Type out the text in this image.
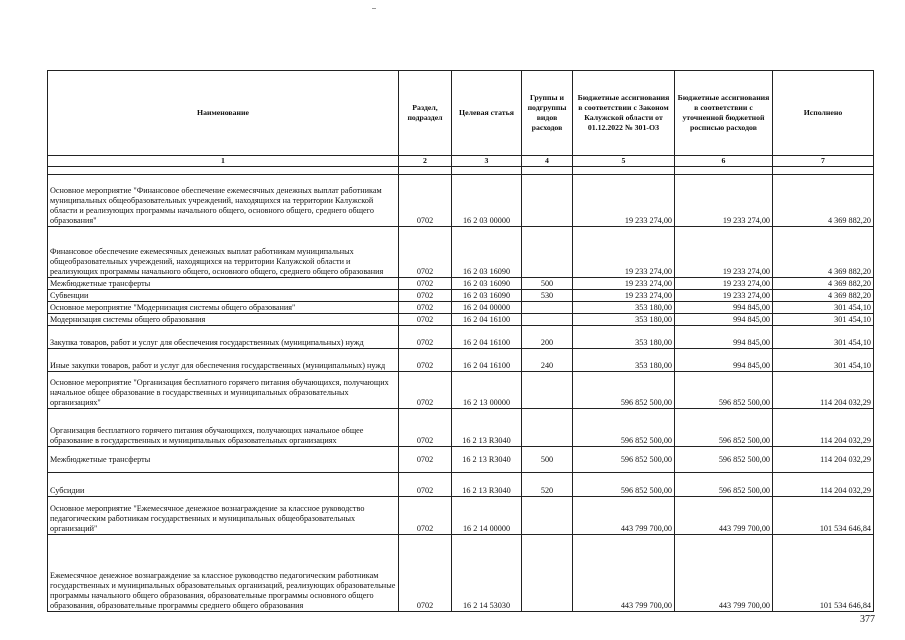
Наименование	Раздел, подраздел	Целевая статья	Группы и подгруппы видов расходов	Бюджетные ассигнования в соответствии с Законом Калужской области от 01.12.2022 № 301-ОЗ	Бюджетные ассигнования в соответствии с уточненной бюджетной росписью расходов	Исполнено
1	2	3	4	5	6	7

Основное мероприятие "Финансовое обеспечение ежемесячных денежных выплат работникам муниципальных общеобразовательных учреждений, находящихся на территории Калужской области и реализующих программы начального общего, основного общего, среднего общего образования"	0702	16 2 03 00000		19 233 274,00	19 233 274,00	4 369 882,20
Финансовое обеспечение ежемесячных денежных выплат работникам муниципальных общеобразовательных учреждений, находящихся на территории Калужской области и реализующих программы начального общего, основного общего, среднего общего образования	0702	16 2 03 16090		19 233 274,00	19 233 274,00	4 369 882,20
Межбюджетные трансферты	0702	16 2 03 16090	500	19 233 274,00	19 233 274,00	4 369 882,20
Субвенции	0702	16 2 03 16090	530	19 233 274,00	19 233 274,00	4 369 882,20
Основное мероприятие "Модернизация системы общего образования"	0702	16 2 04 00000		353 180,00	994 845,00	301 454,10
Модернизация системы общего образования	0702	16 2 04 16100		353 180,00	994 845,00	301 454,10
Закупка товаров, работ и услуг для обеспечения государственных (муниципальных) нужд	0702	16 2 04 16100	200	353 180,00	994 845,00	301 454,10
Иные закупки товаров, работ и услуг для обеспечения государственных (муниципальных) нужд	0702	16 2 04 16100	240	353 180,00	994 845,00	301 454,10
Основное мероприятие "Организация бесплатного горячего питания обучающихся, получающих начальное общее образование в государственных и муниципальных образовательных организациях"	0702	16 2 13 00000		596 852 500,00	596 852 500,00	114 204 032,29
Организация бесплатного горячего питания обучающихся, получающих начальное общее образование в государственных и муниципальных образовательных организациях	0702	16 2 13 R3040		596 852 500,00	596 852 500,00	114 204 032,29
Межбюджетные трансферты	0702	16 2 13 R3040	500	596 852 500,00	596 852 500,00	114 204 032,29
Субсидии	0702	16 2 13 R3040	520	596 852 500,00	596 852 500,00	114 204 032,29
Основное мероприятие "Ежемесячное денежное вознаграждение за классное руководство педагогическим работникам государственных и муниципальных общеобразовательных организаций"	0702	16 2 14 00000		443 799 700,00	443 799 700,00	101 534 646,84
Ежемесячное денежное вознаграждение за классное руководство педагогическим работникам государственных и муниципальных образовательных организаций, реализующих образовательные программы начального общего образования, образовательные программы основного общего образования, образовательные программы среднего общего образования	0702	16 2 14 53030		443 799 700,00	443 799 700,00	101 534 646,84
377
